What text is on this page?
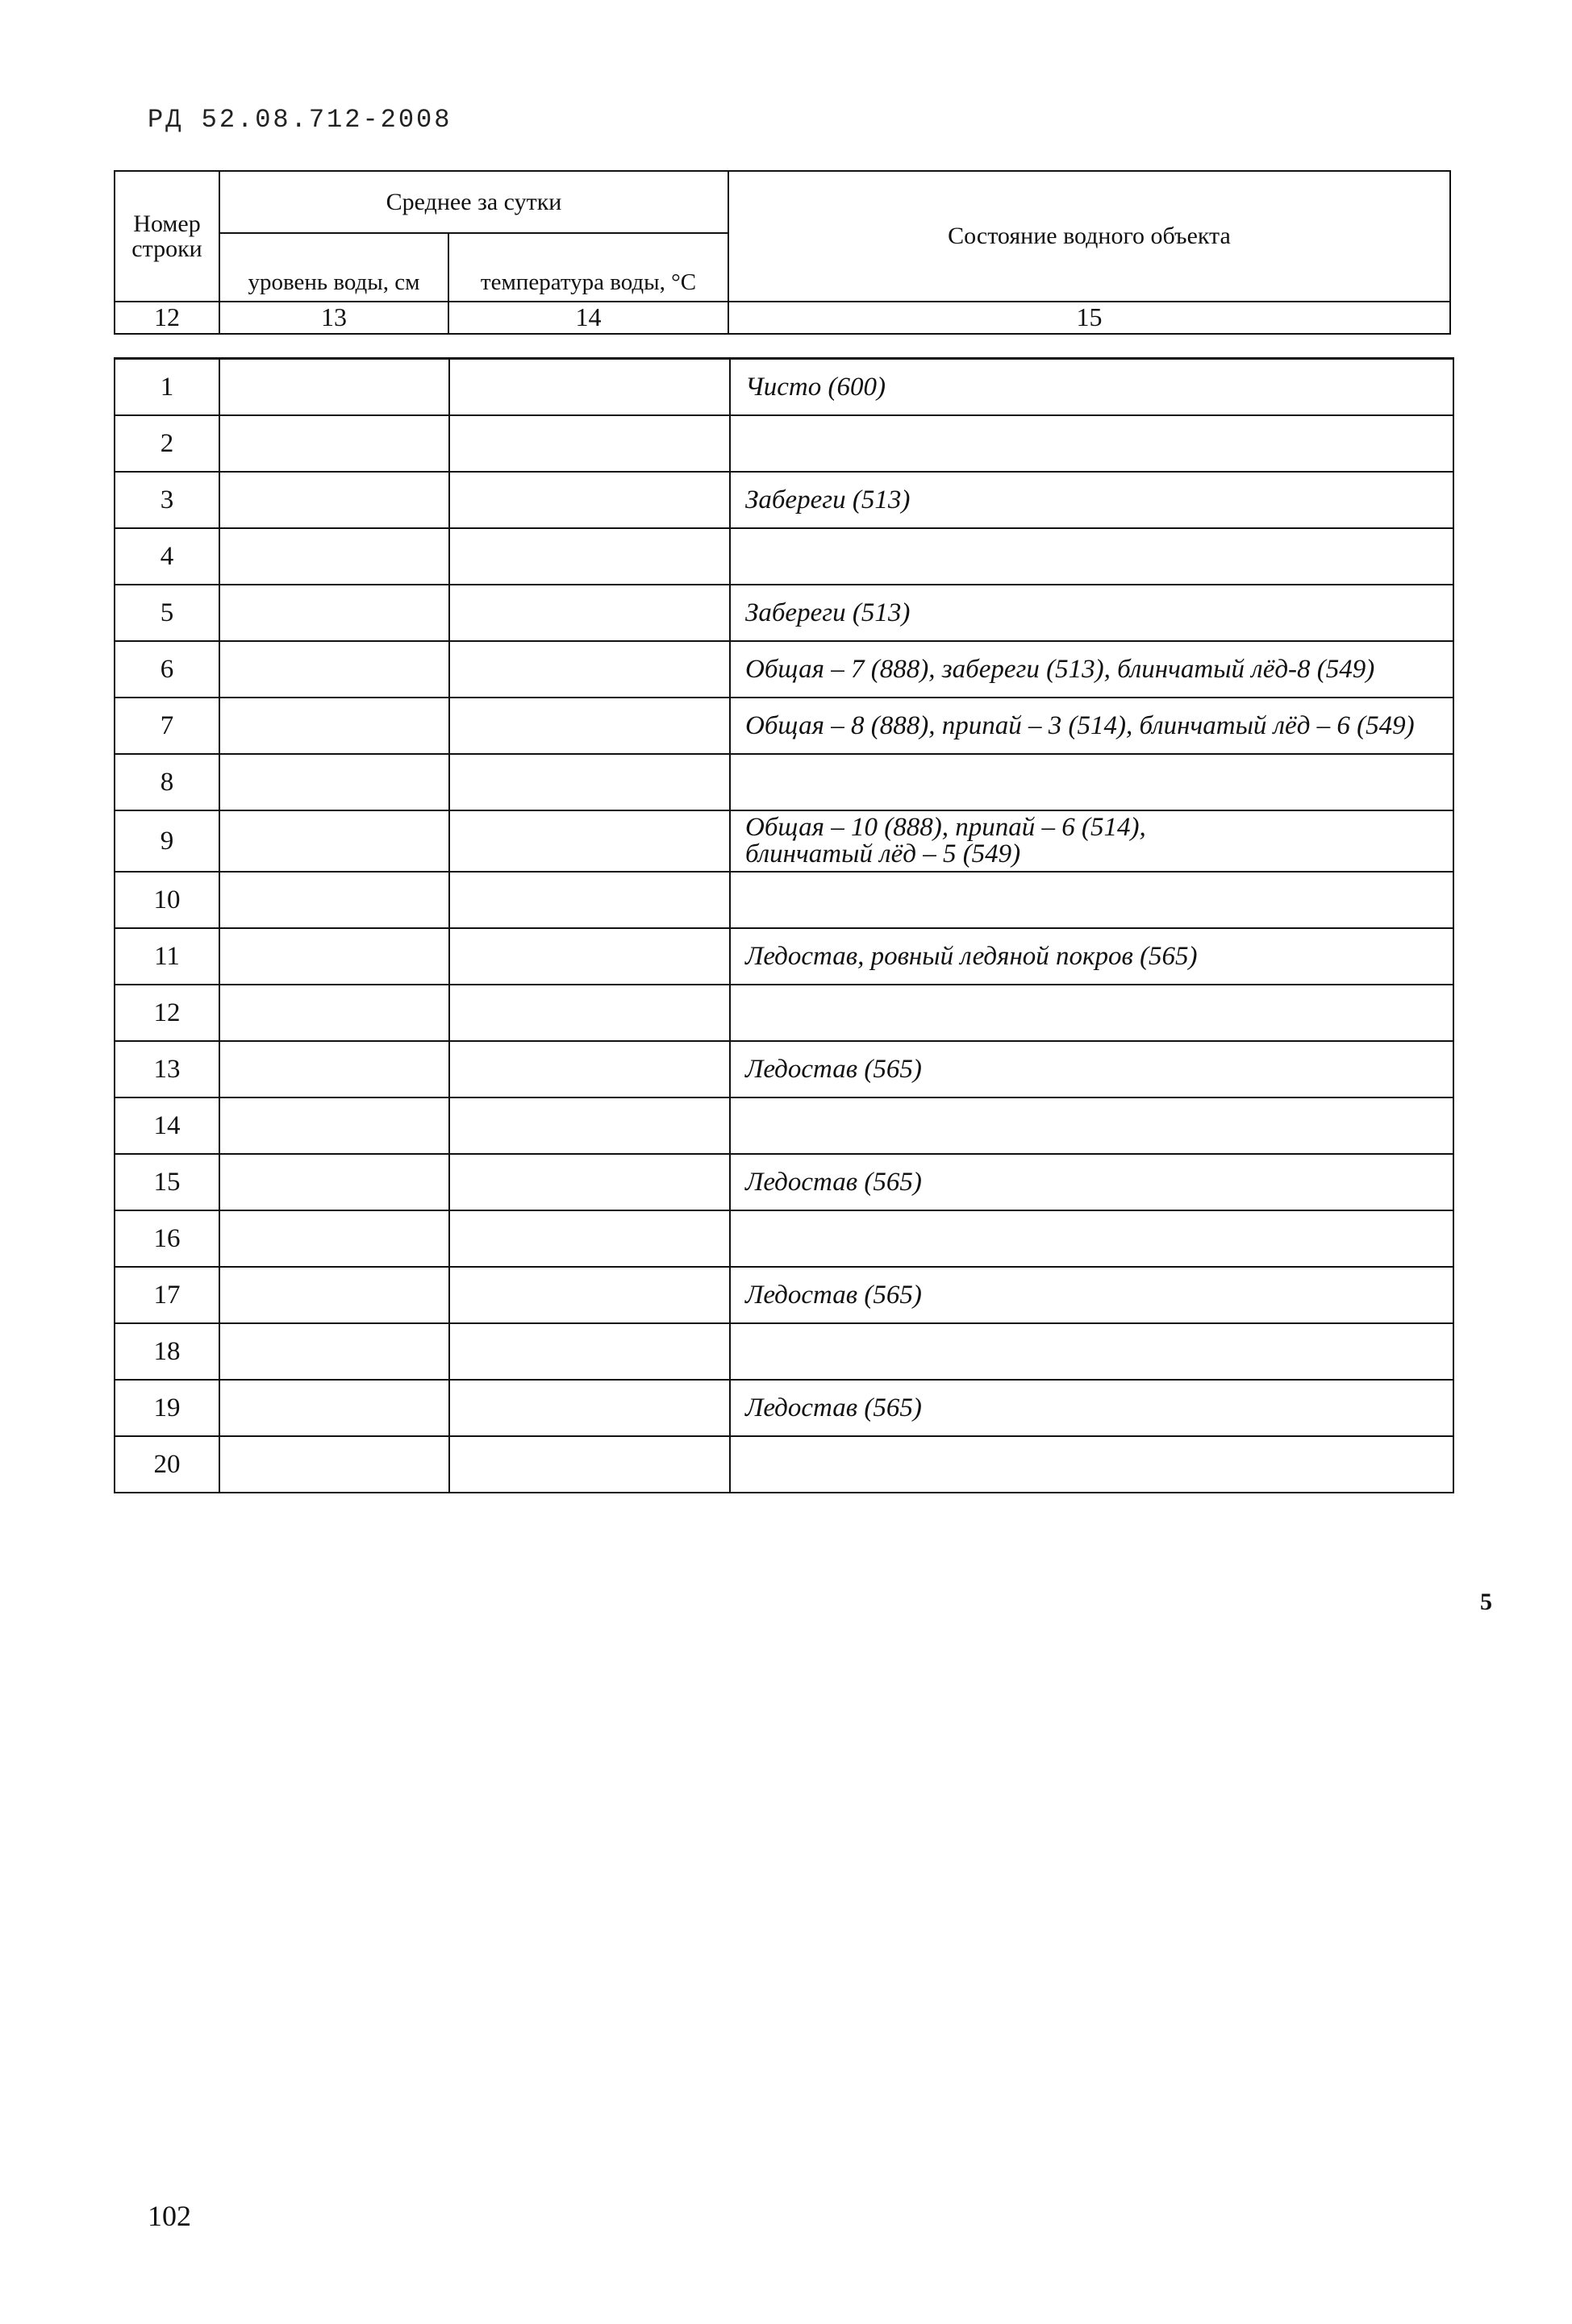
РД 52.08.712-2008
Номер строки	Среднее за сутки		Состояние водного объекта
	уровень воды, см	температура воды, °С	
12	13	14	15
1			Чисто (600)
2			
3			Забереги (513)
4			
5			Забереги (513)
6			Общая – 7 (888), забереги (513), блинчатый лёд-8 (549)
7			Общая – 8 (888), припай – 3 (514), блинчатый лёд – 6 (549)
8			
9			Общая – 10 (888), припай – 6 (514),
блинчатый лёд – 5 (549)

10			
11			Ледостав, ровный ледяной покров (565)
12			
13			Ледостав (565)
14			
15			Ледостав (565)
16			
17			Ледостав (565)
18			
19			Ледостав (565)
20			
5
102
